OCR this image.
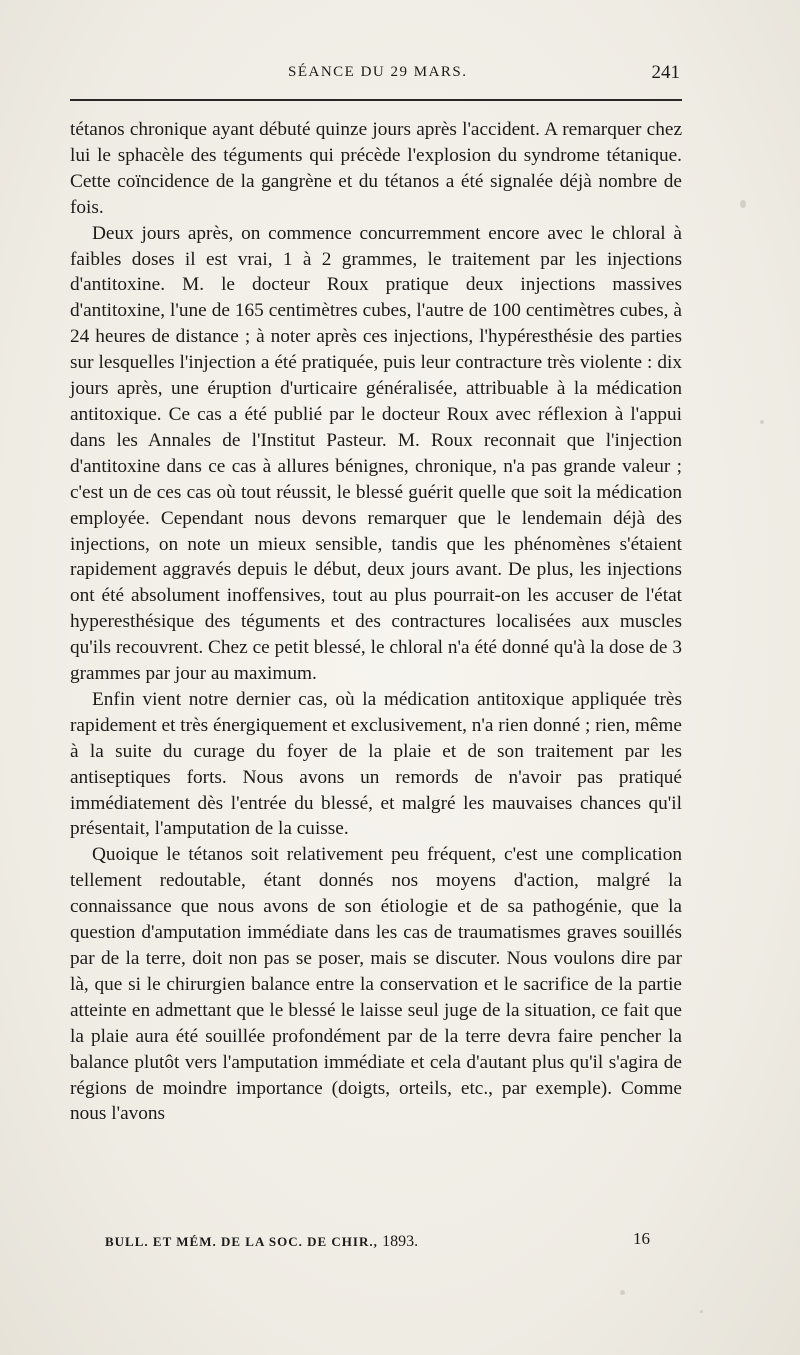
SÉANCE DU 29 MARS.	241

tétanos chronique ayant débuté quinze jours après l'accident. A remarquer chez lui le sphacèle des téguments qui précède l'explosion du syndrome tétanique. Cette coïncidence de la gangrène et du tétanos a été signalée déjà nombre de fois.

Deux jours après, on commence concurremment encore avec le chloral à faibles doses il est vrai, 1 à 2 grammes, le traitement par les injections d'antitoxine. M. le docteur Roux pratique deux injections massives d'antitoxine, l'une de 165 centimètres cubes, l'autre de 100 centimètres cubes, à 24 heures de distance ; à noter après ces injections, l'hypéresthésie des parties sur lesquelles l'injection a été pratiquée, puis leur contracture très violente : dix jours après, une éruption d'urticaire généralisée, attribuable à la médication antitoxique. Ce cas a été publié par le docteur Roux avec réflexion à l'appui dans les Annales de l'Institut Pasteur. M. Roux reconnait que l'injection d'antitoxine dans ce cas à allures bénignes, chronique, n'a pas grande valeur ; c'est un de ces cas où tout réussit, le blessé guérit quelle que soit la médication employée. Cependant nous devons remarquer que le lendemain déjà des injections, on note un mieux sensible, tandis que les phénomènes s'étaient rapidement aggravés depuis le début, deux jours avant. De plus, les injections ont été absolument inoffensives, tout au plus pourrait-on les accuser de l'état hyperesthésique des téguments et des contractures localisées aux muscles qu'ils recouvrent. Chez ce petit blessé, le chloral n'a été donné qu'à la dose de 3 grammes par jour au maximum.

Enfin vient notre dernier cas, où la médication antitoxique appliquée très rapidement et très énergiquement et exclusivement, n'a rien donné ; rien, même à la suite du curage du foyer de la plaie et de son traitement par les antiseptiques forts. Nous avons un remords de n'avoir pas pratiqué immédiatement dès l'entrée du blessé, et malgré les mauvaises chances qu'il présentait, l'amputation de la cuisse.

Quoique le tétanos soit relativement peu fréquent, c'est une complication tellement redoutable, étant donnés nos moyens d'action, malgré la connaissance que nous avons de son étiologie et de sa pathogénie, que la question d'amputation immédiate dans les cas de traumatismes graves souillés par de la terre, doit non pas se poser, mais se discuter. Nous voulons dire par là, que si le chirurgien balance entre la conservation et le sacrifice de la partie atteinte en admettant que le blessé le laisse seul juge de la situation, ce fait que la plaie aura été souillée profondément par de la terre devra faire pencher la balance plutôt vers l'amputation immédiate et cela d'autant plus qu'il s'agira de régions de moindre importance (doigts, orteils, etc., par exemple). Comme nous l'avons

BULL. ET MÉM. DE LA SOC. DE CHIR., 1893.	16
